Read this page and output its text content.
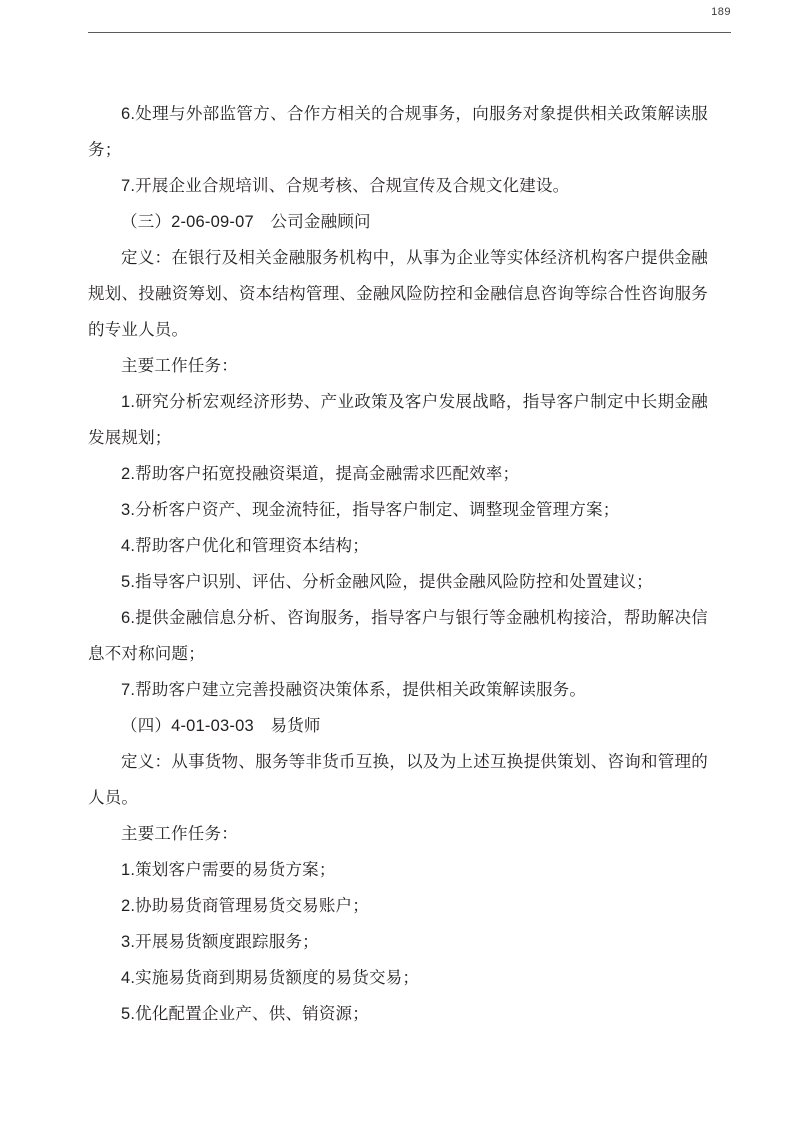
189

6.处理与外部监管方、合作方相关的合规事务，向服务对象提供相关政策解读服务；

7.开展企业合规培训、合规考核、合规宣传及合规文化建设。

（三）2-06-09-07　公司金融顾问

定义：在银行及相关金融服务机构中，从事为企业等实体经济机构客户提供金融规划、投融资筹划、资本结构管理、金融风险防控和金融信息咨询等综合性咨询服务的专业人员。

主要工作任务：

1.研究分析宏观经济形势、产业政策及客户发展战略，指导客户制定中长期金融发展规划；

2.帮助客户拓宽投融资渠道，提高金融需求匹配效率；

3.分析客户资产、现金流特征，指导客户制定、调整现金管理方案；

4.帮助客户优化和管理资本结构；

5.指导客户识别、评估、分析金融风险，提供金融风险防控和处置建议；

6.提供金融信息分析、咨询服务，指导客户与银行等金融机构接洽，帮助解决信息不对称问题；

7.帮助客户建立完善投融资决策体系，提供相关政策解读服务。

（四）4-01-03-03　易货师

定义：从事货物、服务等非货币互换，以及为上述互换提供策划、咨询和管理的人员。

主要工作任务：

1.策划客户需要的易货方案；

2.协助易货商管理易货交易账户；

3.开展易货额度跟踪服务；

4.实施易货商到期易货额度的易货交易；

5.优化配置企业产、供、销资源；
